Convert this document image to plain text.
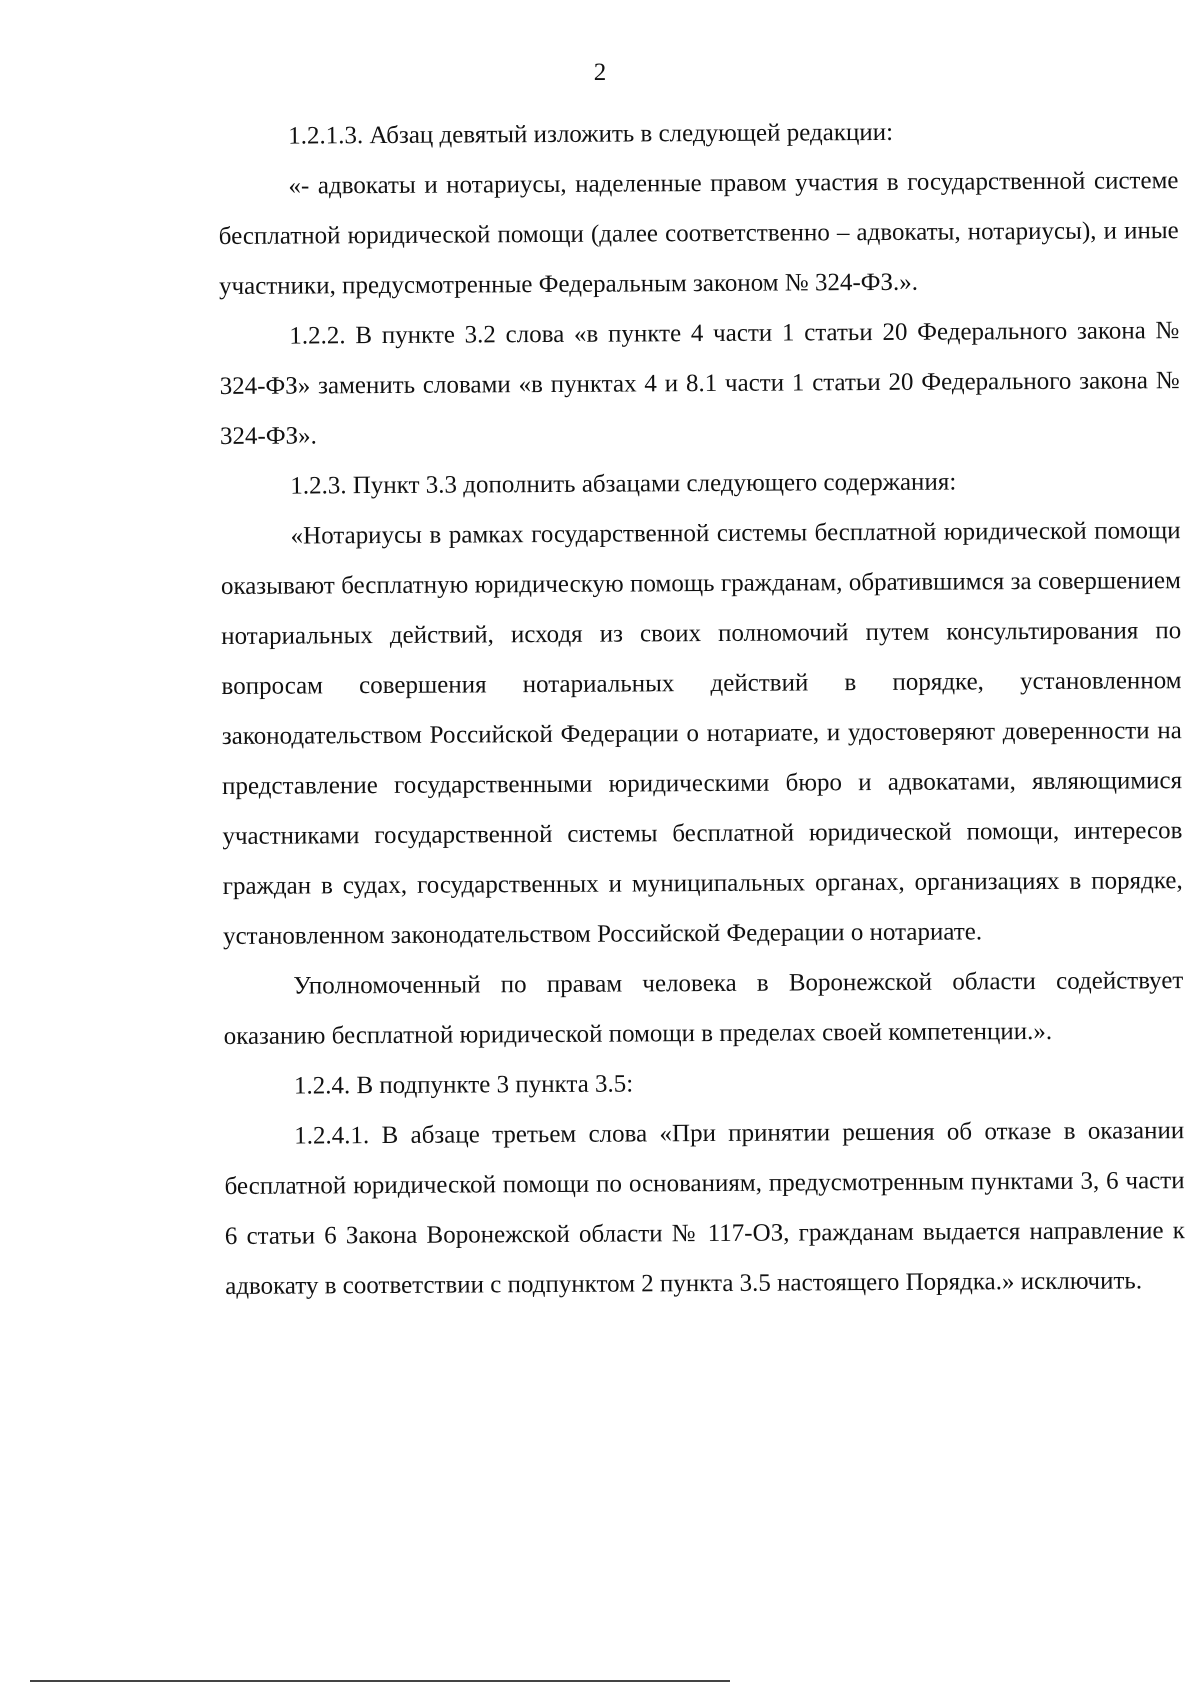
2

1.2.1.3. Абзац девятый изложить в следующей редакции:

«- адвокаты и нотариусы, наделенные правом участия в государственной системе бесплатной юридической помощи (далее соответственно – адвокаты, нотариусы), и иные участники, предусмотренные Федеральным законом № 324-ФЗ.».

1.2.2. В пункте 3.2 слова «в пункте 4 части 1 статьи 20 Федерального закона № 324-ФЗ» заменить словами «в пунктах 4 и 8.1 части 1 статьи 20 Федерального закона № 324-ФЗ».

1.2.3. Пункт 3.3 дополнить абзацами следующего содержания:

«Нотариусы в рамках государственной системы бесплатной юридической помощи оказывают бесплатную юридическую помощь гражданам, обратившимся за совершением нотариальных действий, исходя из своих полномочий путем консультирования по вопросам совершения нотариальных действий в порядке, установленном законодательством Российской Федерации о нотариате, и удостоверяют доверенности на представление государственными юридическими бюро и адвокатами, являющимися участниками государственной системы бесплатной юридической помощи, интересов граждан в судах, государственных и муниципальных органах, организациях в порядке, установленном законодательством Российской Федерации о нотариате.

Уполномоченный по правам человека в Воронежской области содействует оказанию бесплатной юридической помощи в пределах своей компетенции.».

1.2.4. В подпункте 3 пункта 3.5:

1.2.4.1. В абзаце третьем слова «При принятии решения об отказе в оказании бесплатной юридической помощи по основаниям, предусмотренным пунктами 3, 6 части 6 статьи 6 Закона Воронежской области № 117-ОЗ, гражданам выдается направление к адвокату в соответствии с подпунктом 2 пункта 3.5 настоящего Порядка.» исключить.
